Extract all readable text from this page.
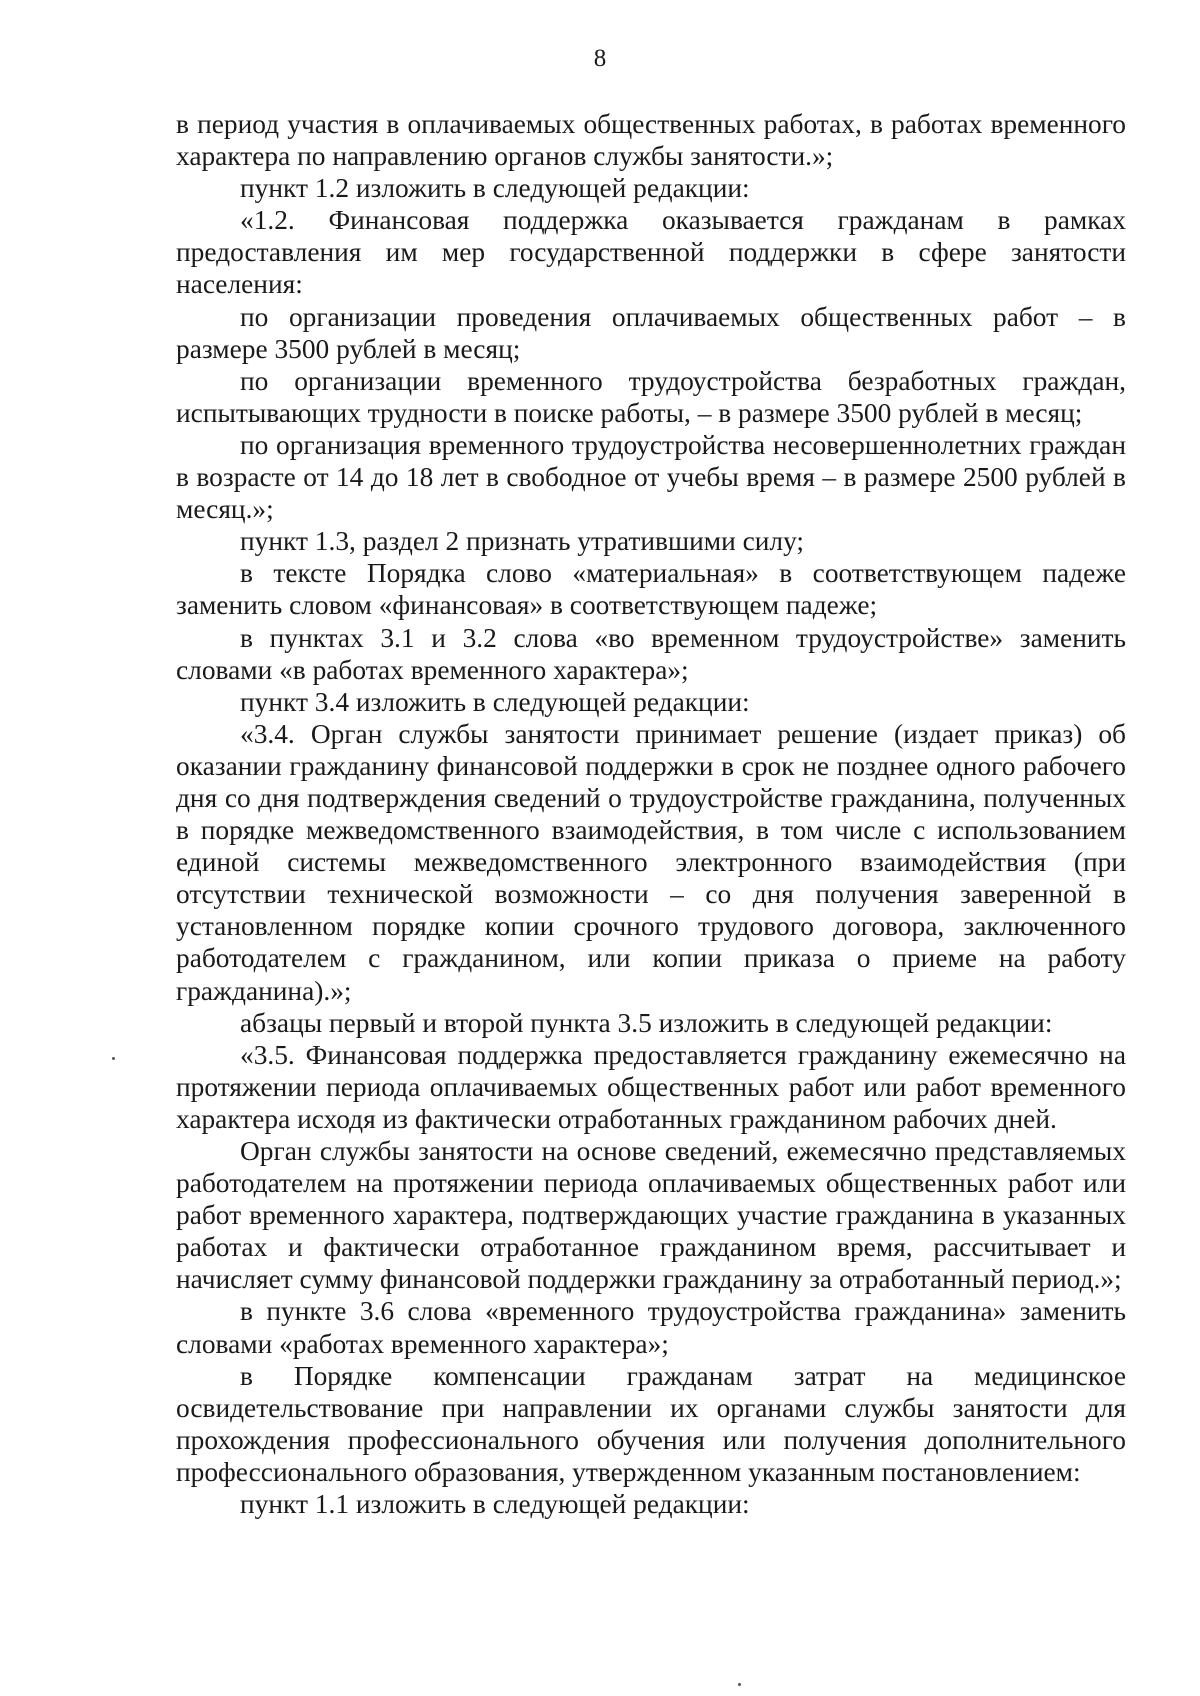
8

в период участия в оплачиваемых общественных работах, в работах временного характера по направлению органов службы занятости.»;

пункт 1.2 изложить в следующей редакции:

«1.2. Финансовая поддержка оказывается гражданам в рамках предоставления им мер государственной поддержки в сфере занятости населения:

по организации проведения оплачиваемых общественных работ – в размере 3500 рублей в месяц;

по организации временного трудоустройства безработных граждан, испытывающих трудности в поиске работы, – в размере 3500 рублей в месяц;

по организация временного трудоустройства несовершеннолетних граждан в возрасте от 14 до 18 лет в свободное от учебы время – в размере 2500 рублей в месяц.»;

пункт 1.3, раздел 2 признать утратившими силу;

в тексте Порядка слово «материальная» в соответствующем падеже заменить словом «финансовая» в соответствующем падеже;

в пунктах 3.1 и 3.2 слова «во временном трудоустройстве» заменить словами «в работах временного характера»;

пункт 3.4 изложить в следующей редакции:

«3.4. Орган службы занятости принимает решение (издает приказ) об оказании гражданину финансовой поддержки в срок не позднее одного рабочего дня со дня подтверждения сведений о трудоустройстве гражданина, полученных в порядке межведомственного взаимодействия, в том числе с использованием единой системы межведомственного электронного взаимодействия (при отсутствии технической возможности – со дня получения заверенной в установленном порядке копии срочного трудового договора, заключенного работодателем с гражданином, или копии приказа о приеме на работу гражданина).»;

абзацы первый и второй пункта 3.5 изложить в следующей редакции:

«3.5. Финансовая поддержка предоставляется гражданину ежемесячно на протяжении периода оплачиваемых общественных работ или работ временного характера исходя из фактически отработанных гражданином рабочих дней.

Орган службы занятости на основе сведений, ежемесячно представляемых работодателем на протяжении периода оплачиваемых общественных работ или работ временного характера, подтверждающих участие гражданина в указанных работах и фактически отработанное гражданином время, рассчитывает и начисляет сумму финансовой поддержки гражданину за отработанный период.»;

в пункте 3.6 слова «временного трудоустройства гражданина» заменить словами «работах временного характера»;

в Порядке компенсации гражданам затрат на медицинское освидетельствование при направлении их органами службы занятости для прохождения профессионального обучения или получения дополнительного профессионального образования, утвержденном указанным постановлением:

пункт 1.1 изложить в следующей редакции:
